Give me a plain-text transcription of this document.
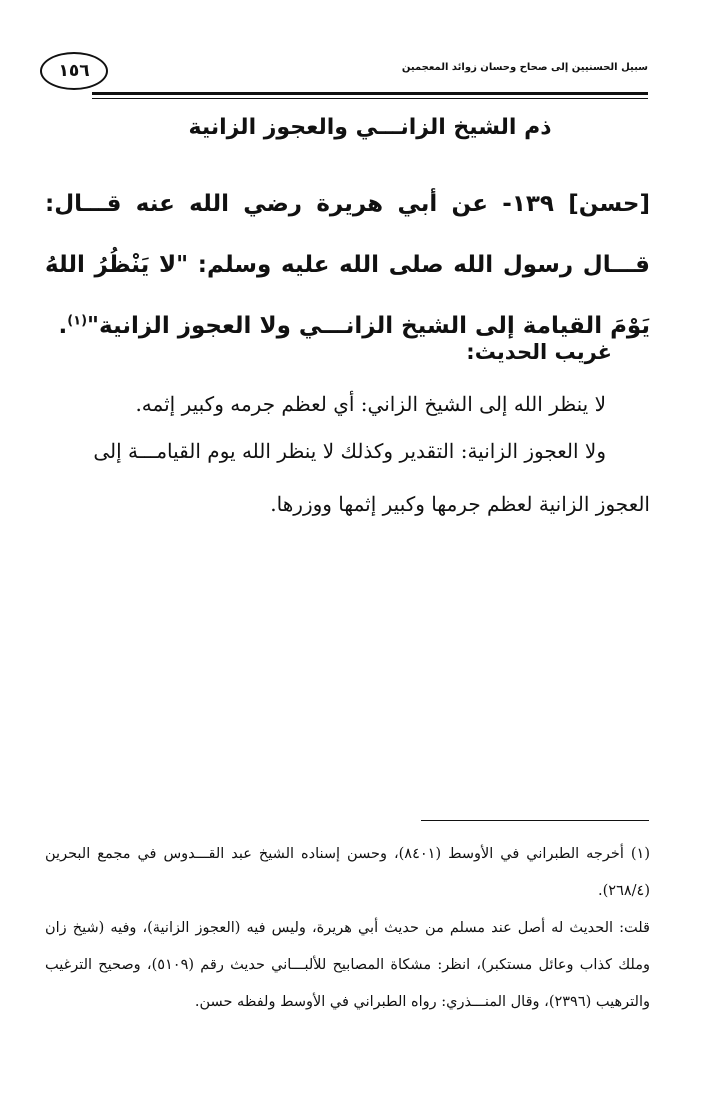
١٥٦	سبيل الحسنيين إلى صحاح وحسان زوائد المعجمين
ذم الشيخ الزانـــي والعجوز الزانية
[حسن] ١٣٩- عن أبي هريرة رضي الله عنه قـــال: قـــال رسول الله صلى الله عليه وسلم: "لا يَنْظُرُ اللهُ يَوْمَ القيامة إلى الشيخ الزانـــي ولا العجوز الزانية"$^{(١)}$.
غريب الحديث:
لا ينظر الله إلى الشيخ الزاني: أي لعظم جرمه وكبير إثمه.
ولا العجوز الزانية: التقدير وكذلك لا ينظر الله يوم القيامـــة إلى
العجوز الزانية لعظم جرمها وكبير إثمها ووزرها.

(١) أخرجه الطبراني في الأوسط (٨٤٠١)، وحسن إسناده الشيخ عبد القـــدوس في مجمع البحرين (٢٦٨/٤).

قلت: الحديث له أصل عند مسلم من حديث أبي هريرة، وليس فيه (العجوز الزانية)، وفيه (شيخ زان وملك كذاب وعائل مستكبر)، انظر: مشكاة المصابيح للألبـــاني حديث رقم (٥١٠٩)، وصحيح الترغيب والترهيب (٢٣٩٦)، وقال المنـــذري: رواه الطبراني في الأوسط ولفظه حسن.
